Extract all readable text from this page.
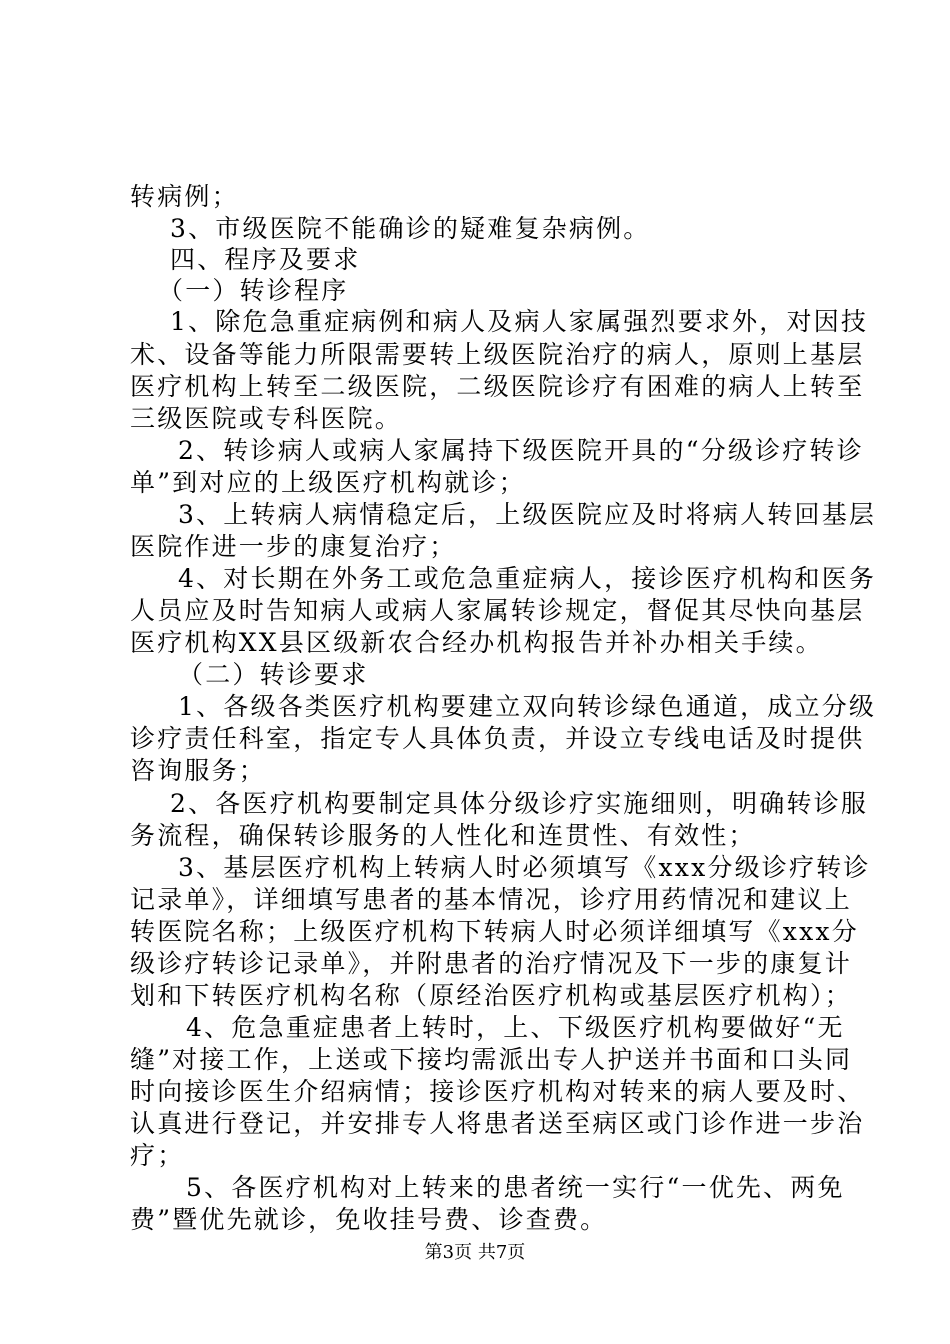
转病例；
3、市级医院不能确诊的疑难复杂病例。
四、程序及要求
（一）转诊程序
1、除危急重症病例和病人及病人家属强烈要求外，对因技
术、设备等能力所限需要转上级医院治疗的病人，原则上基层
医疗机构上转至二级医院，二级医院诊疗有困难的病人上转至
三级医院或专科医院。
2、转诊病人或病人家属持下级医院开具的“分级诊疗转诊
单”到对应的上级医疗机构就诊；
3、上转病人病情稳定后，上级医院应及时将病人转回基层
医院作进一步的康复治疗；
4、对长期在外务工或危急重症病人，接诊医疗机构和医务
人员应及时告知病人或病人家属转诊规定，督促其尽快向基层
医疗机构XX县区级新农合经办机构报告并补办相关手续。
（二）转诊要求
1、各级各类医疗机构要建立双向转诊绿色通道，成立分级
诊疗责任科室，指定专人具体负责，并设立专线电话及时提供
咨询服务；
2、各医疗机构要制定具体分级诊疗实施细则，明确转诊服
务流程，确保转诊服务的人性化和连贯性、有效性；
3、基层医疗机构上转病人时必须填写《xxx分级诊疗转诊
记录单》，详细填写患者的基本情况，诊疗用药情况和建议上
转医院名称；上级医疗机构下转病人时必须详细填写《xxx分
级诊疗转诊记录单》，并附患者的治疗情况及下一步的康复计
划和下转医疗机构名称（原经治医疗机构或基层医疗机构）；
4、危急重症患者上转时，上、下级医疗机构要做好“无
缝”对接工作，上送或下接均需派出专人护送并书面和口头同
时向接诊医生介绍病情；接诊医疗机构对转来的病人要及时、
认真进行登记，并安排专人将患者送至病区或门诊作进一步治
疗；
5、各医疗机构对上转来的患者统一实行“一优先、两免
费”暨优先就诊，免收挂号费、诊查费。
第3页 共7页
